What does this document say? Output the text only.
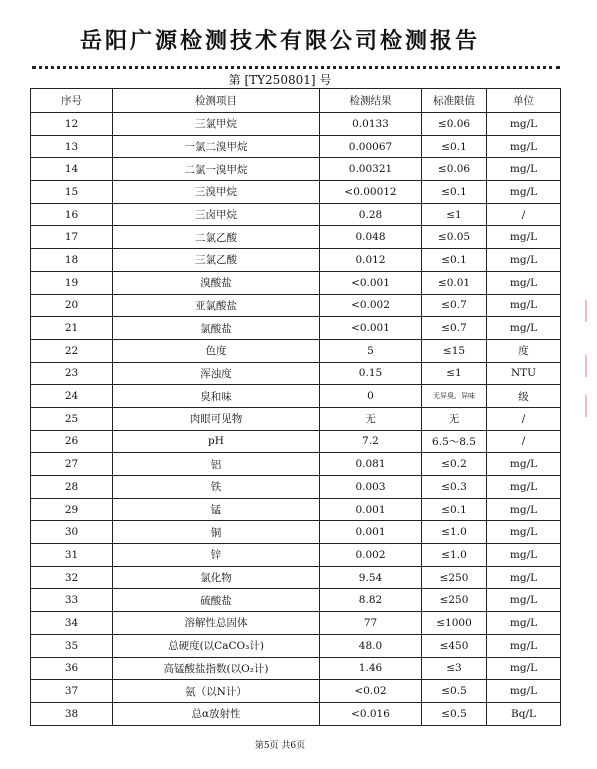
岳阳广源检测技术有限公司检测报告
第 [TY250801] 号
序号	检测项目	检测结果	标准限值	单位
12	三氯甲烷	0.0133	≤0.06	mg/L
13	一氯二溴甲烷	0.00067	≤0.1	mg/L
14	二氯一溴甲烷	0.00321	≤0.06	mg/L
15	三溴甲烷	<0.00012	≤0.1	mg/L
16	三卤甲烷	0.28	≤1	/
17	二氯乙酸	0.048	≤0.05	mg/L
18	三氯乙酸	0.012	≤0.1	mg/L
19	溴酸盐	<0.001	≤0.01	mg/L
20	亚氯酸盐	<0.002	≤0.7	mg/L
21	氯酸盐	<0.001	≤0.7	mg/L
22	色度	5	≤15	度
23	浑浊度	0.15	≤1	NTU
24	臭和味	0	无异臭、异味	级
25	肉眼可见物	无	无	/
26	pH	7.2	6.5～8.5	/
27	铝	0.081	≤0.2	mg/L
28	铁	0.003	≤0.3	mg/L
29	锰	0.001	≤0.1	mg/L
30	铜	0.001	≤1.0	mg/L
31	锌	0.002	≤1.0	mg/L
32	氯化物	9.54	≤250	mg/L
33	硫酸盐	8.82	≤250	mg/L
34	溶解性总固体	77	≤1000	mg/L
35	总硬度(以CaCO₃计)	48.0	≤450	mg/L
36	高锰酸盐指数(以O₂计)	1.46	≤3	mg/L
37	氨（以N计）	<0.02	≤0.5	mg/L
38	总α放射性	<0.016	≤0.5	Bq/L
第5页 共6页
